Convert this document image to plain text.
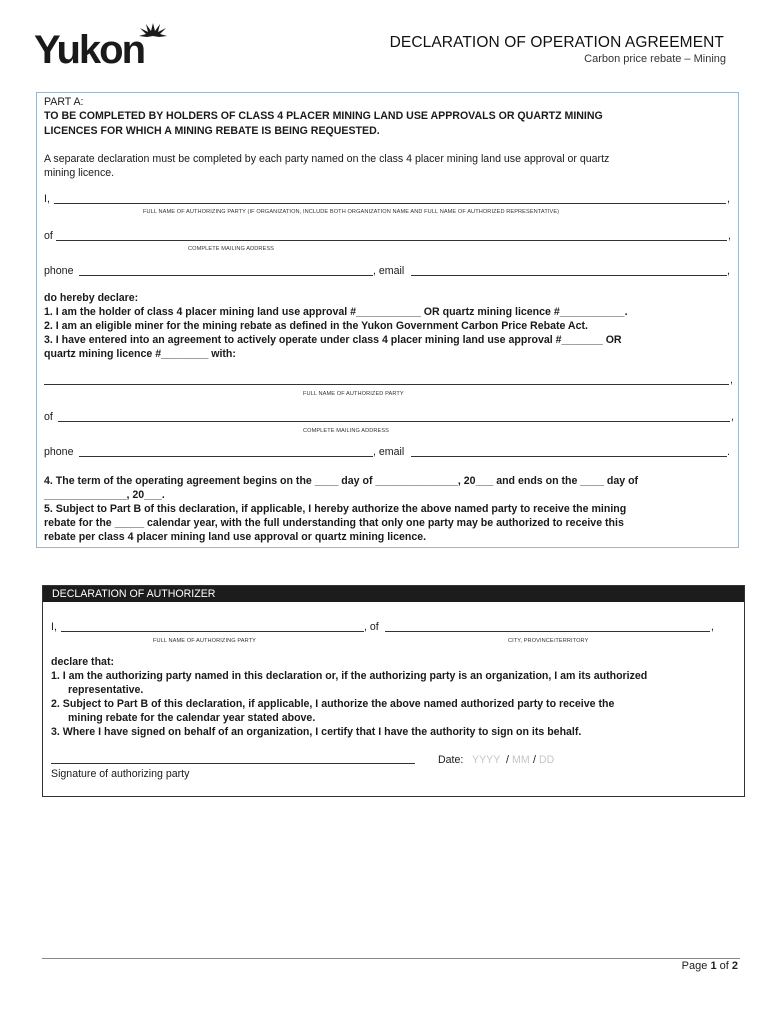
Yukon	DECLARATION OF OPERATION AGREEMENT
Carbon price rebate – Mining
PART A:
TO BE COMPLETED BY HOLDERS OF CLASS 4 PLACER MINING LAND USE APPROVALS OR QUARTZ MINING
LICENCES FOR WHICH A MINING REBATE IS BEING REQUESTED.
A separate declaration must be completed by each party named on the class 4 placer mining land use approval or quartz
mining licence.
I,	,
FULL NAME OF AUTHORIZING PARTY (IF ORGANIZATION, INCLUDE BOTH ORGANIZATION NAME AND FULL NAME OF AUTHORIZED REPRESENTATIVE)
of	,
COMPLETE MAILING ADDRESS
phone	, email	,
do hereby declare:
1. I am the holder of class 4 placer mining land use approval #___________ OR quartz mining licence #___________.
2. I am an eligible miner for the mining rebate as defined in the Yukon Government Carbon Price Rebate Act.
3. I have entered into an agreement to actively operate under class 4 placer mining land use approval #_______ OR
quartz mining licence #________ with:
,
FULL NAME OF AUTHORIZED PARTY
of	,
COMPLETE MAILING ADDRESS
phone	, email	.
4. The term of the operating agreement begins on the ____ day of ______________, 20___ and ends on the ____ day of
______________, 20___.
5. Subject to Part B of this declaration, if applicable, I hereby authorize the above named party to receive the mining
rebate for the _____ calendar year, with the full understanding that only one party may be authorized to receive this
rebate per class 4 placer mining land use approval or quartz mining licence.
DECLARATION OF AUTHORIZER
I,	, of	,
FULL NAME OF AUTHORIZING PARTY	CITY, PROVINCE/TERRITORY
declare that:
1. I am the authorizing party named in this declaration or, if the authorizing party is an organization, I am its authorized
representative.
2. Subject to Part B of this declaration, if applicable, I authorize the above named authorized party to receive the
mining rebate for the calendar year stated above.
3. Where I have signed on behalf of an organization, I certify that I have the authority to sign on its behalf.
Signature of authorizing party
Date: YYYY / MM / DD
Page 1 of 2
